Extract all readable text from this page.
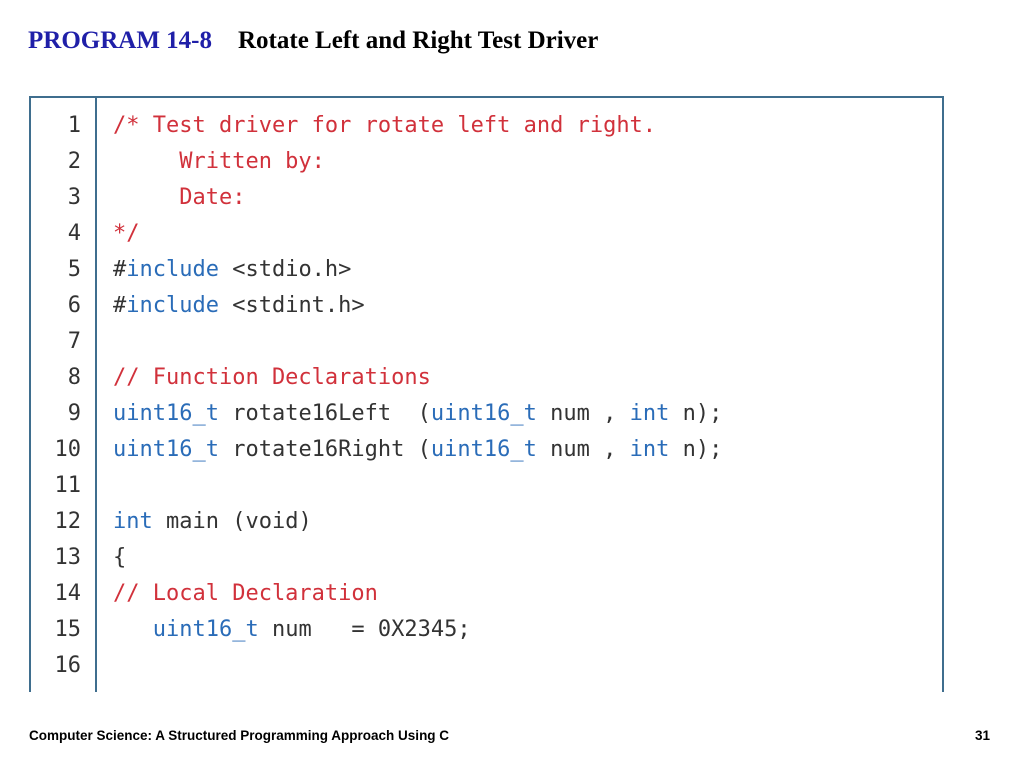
PROGRAM 14-8 Rotate Left and Right Test Driver
1 /* Test driver for rotate left and right.
2 Written by:
3 Date:
4 */
5 #include <stdio.h>
6 #include <stdint.h>
7
8 // Function Declarations
9 uint16_t rotate16Left  (uint16_t num , int n);
10 uint16_t rotate16Right (uint16_t num , int n);
11
12 int main (void)
13 {
14 // Local Declaration
15	uint16_t num   = 0X2345;
16
Computer Science: A Structured Programming Approach Using C	31
